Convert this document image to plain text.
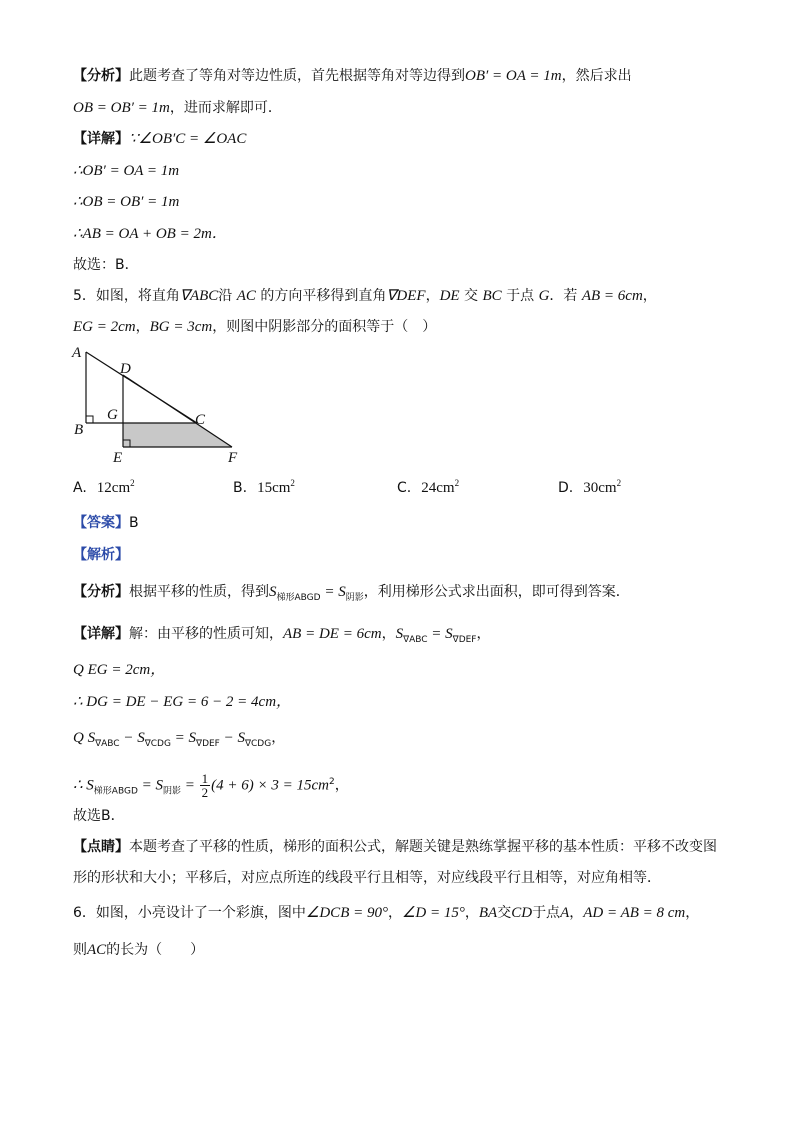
【分析】此题考查了等角对等边性质，首先根据等角对等边得到OB′ = OA = 1m，然后求出
OB = OB′ = 1m，进而求解即可．
【详解】∵∠OB′C = ∠OAC
∴OB′ = OA = 1m
∴OB = OB′ = 1m
∴AB = OA + OB = 2m．
故选：B．
5．如图，将直角∇ABC沿 AC 的方向平移得到直角∇DEF，DE 交 BC 于点 G．若 AB = 6cm，
EG = 2cm，BG = 3cm，则图中阴影部分的面积等于（　）
A
B
C
D
E	F
G
A. $12cm^2$	B. $15cm^2$	C. $24cm^2$	D. $30cm^2$
【答案】B
【解析】
【分析】根据平移的性质，得到$S_{梯形ABGD} = S_{阴影}$，利用梯形公式求出面积，即可得到答案．
【详解】解：由平移的性质可知，AB = DE = 6cm，$S_{\nabla ABC} = S_{\nabla DEF}$，
Q EG = 2cm，
∴ DG = DE − EG = 6 − 2 = 4cm，
Q $S_{\nabla ABC} - S_{\nabla CDG} = S_{\nabla DEF} - S_{\nabla CDG}$，
∴ $S_{梯形ABGD} = S_{阴影} = \frac{1}{2} (4 + 6) \times 3 = 15cm^2$，
故选B．
【点睛】本题考查了平移的性质，梯形的面积公式，解题关键是熟练掌握平移的基本性质：平移不改变图
形的形状和大小；平移后，对应点所连的线段平行且相等，对应线段平行且相等，对应角相等．
6．如图，小亮设计了一个彩旗，图中∠DCB = 90°，∠D = 15°，BA交CD于点A，AD = AB = 8 cm，
则AC的长为（　　）
